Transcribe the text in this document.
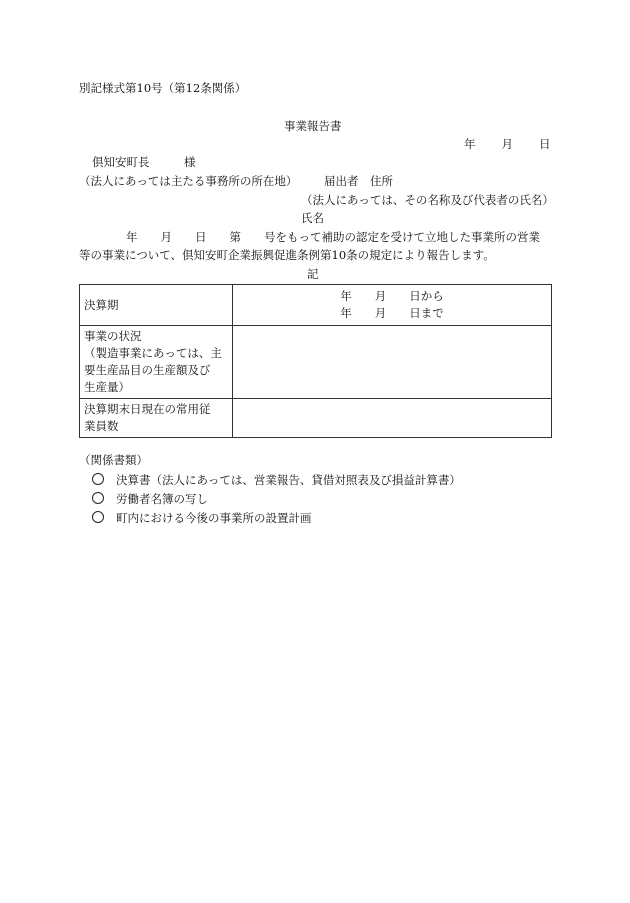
別記様式第10号（第12条関係）
事業報告書
年 月 日
倶知安町長　　　様
（法人にあっては主たる事務所の所在地） 届出者　住所
（法人にあっては、その名称及び代表者の氏名）
氏名
年　　月　　日　　第　　号をもって補助の認定を受けて立地した事業所の営業
等の事業について、倶知安町企業振興促進条例第10条の規定により報告します。
記
決算期	年　　月　　日から
年　　月　　日まで

事業の状況
（製造事業にあっては、主
要生産品目の生産額及び
生産量）	

決算期末日現在の常用従
業員数	

（関係書類）
決算書（法人にあっては、営業報告、貸借対照表及び損益計算書）
労働者名簿の写し
町内における今後の事業所の設置計画
